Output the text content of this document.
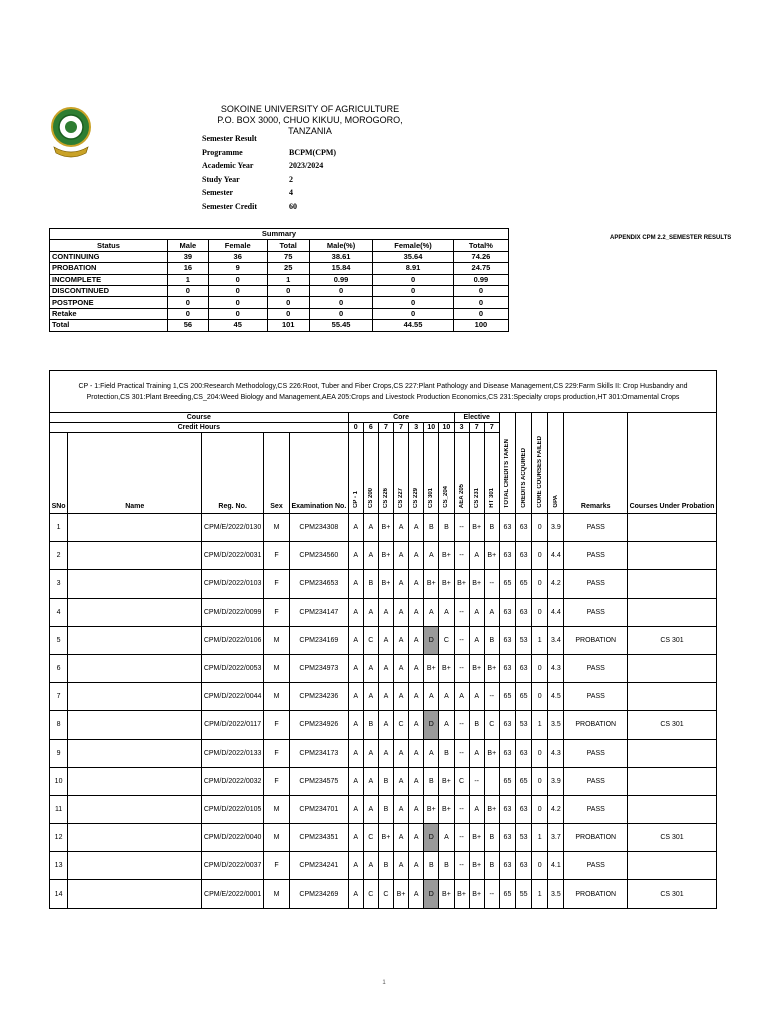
SOKOINE UNIVERSITY OF AGRICULTURE
P.O. BOX 3000, CHUO KIKUU, MOROGORO, TANZANIA
Semester Result	
Programme	BCPM(CPM)
Academic Year	2023/2024
Study Year	2
Semester	4
Semester Credit	60
APPENDIX CPM 2.2_SEMESTER RESULTS
Summary						
Status	Male	Female	Total	Male(%)	Female(%)	Total%
CONTINUING	39	36	75	38.61	35.64	74.26
PROBATION	16	9	25	15.84	8.91	24.75
INCOMPLETE	1	0	1	0.99	0	0.99
DISCONTINUED	0	0	0	0	0	0
POSTPONE	0	0	0	0	0	0
Retake	0	0	0	0	0	0
Total	56	45	101	55.45	44.55	100
CP - 1:Field Practical Training 1,CS 200:Research Methodology,CS 226:Root, Tuber and Fiber Crops,CS 227:Plant Pathology and Disease Management,CS 229:Farm Skills II: Crop Husbandry and Protection,CS 301:Plant Breeding,CS_204:Weed Biology and Management,AEA 205:Crops and Livestock Production Economics,CS 231:Specialty crops production,HT 301:Ornamental Crops																				
Course					Core							Elective			TOTAL CREDITS TAKEN	CREDITS ACQUIRED	CORE COURSES FAILED	GPA	Remarks	Courses Under Probation
Credit Hours					0	6	7	7	3	10	10	3	7	7						
SNo	Name	Reg. No.	Sex	Examination No.	CP - 1	CS 200	CS 226	CS 227	CS 229	CS 301	CS_204	AEA 205	CS 231	HT 301						
1		CPM/E/2022/0130	M	CPM234308	A	A	B+	A	A	B	B	--	B+	B	63	63	0	3.9	PASS	
2		CPM/D/2022/0031	F	CPM234560	A	A	B+	A	A	A	B+	--	A	B+	63	63	0	4.4	PASS	
3		CPM/D/2022/0103	F	CPM234653	A	B	B+	A	A	B+	B+	B+	B+	--	65	65	0	4.2	PASS	
4		CPM/D/2022/0099	F	CPM234147	A	A	A	A	A	A	A	--	A	A	63	63	0	4.4	PASS	
5		CPM/D/2022/0106	M	CPM234169	A	C	A	A	A	D	C	--	A	B	63	53	1	3.4	PROBATION	CS 301
6		CPM/D/2022/0053	M	CPM234973	A	A	A	A	A	B+	B+	--	B+	B+	63	63	0	4.3	PASS	
7		CPM/D/2022/0044	M	CPM234236	A	A	A	A	A	A	A	A	A	--	65	65	0	4.5	PASS	
8		CPM/D/2022/0117	F	CPM234926	A	B	A	C	A	D	A	--	B	C	63	53	1	3.5	PROBATION	CS 301
9		CPM/D/2022/0133	F	CPM234173	A	A	A	A	A	A	B	--	A	B+	63	63	0	4.3	PASS	
10		CPM/D/2022/0032	F	CPM234575	A	A	B	A	A	B	B+	C	--		65	65	0	3.9	PASS	
11		CPM/D/2022/0105	M	CPM234701	A	A	B	A	A	B+	B+	--	A	B+	63	63	0	4.2	PASS	
12		CPM/D/2022/0040	M	CPM234351	A	C	B+	A	A	D	A	--	B+	B	63	53	1	3.7	PROBATION	CS 301
13		CPM/D/2022/0037	F	CPM234241	A	A	B	A	A	B	B	--	B+	B	63	63	0	4.1	PASS	
14		CPM/E/2022/0001	M	CPM234269	A	C	C	B+	A	D	B+	B+	B+	--	65	55	1	3.5	PROBATION	CS 301
1
